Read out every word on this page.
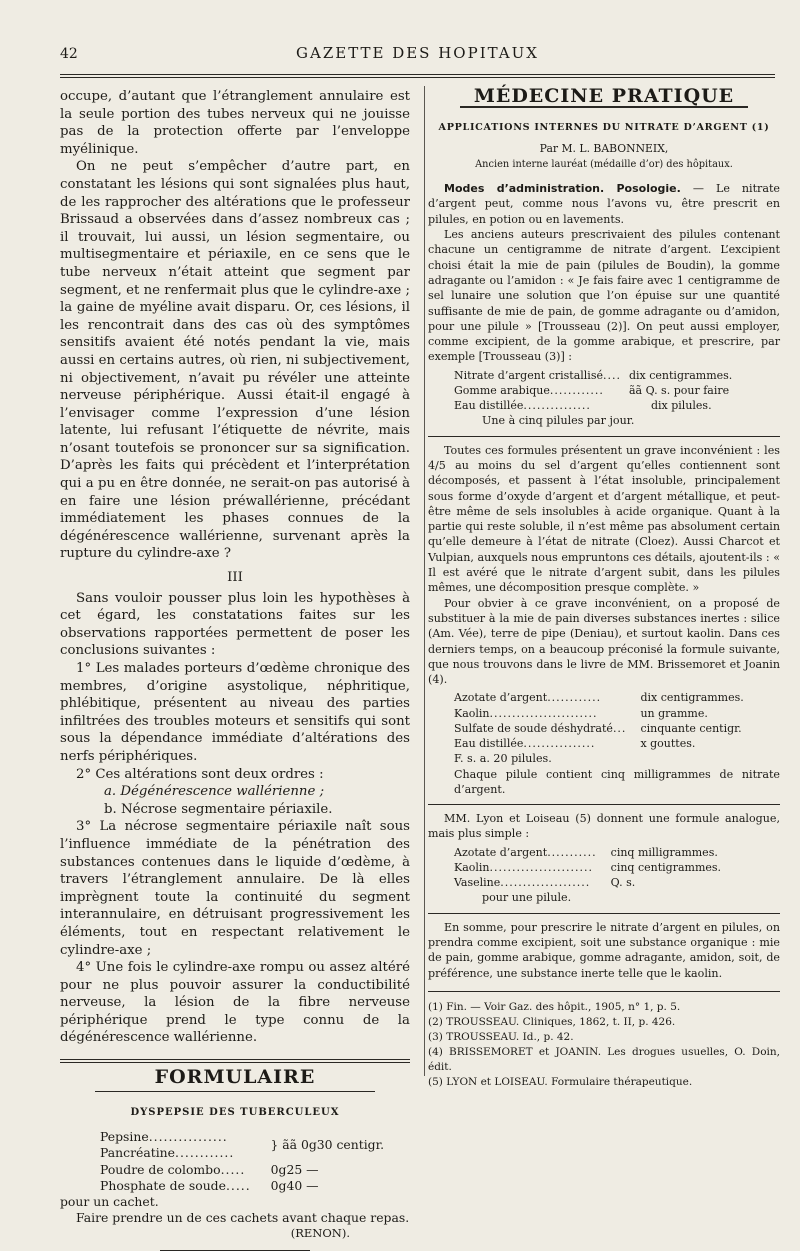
42	GAZETTE DES HOPITAUX

occupe, d’autant que l’étranglement annulaire est la seule portion des tubes nerveux qui ne jouisse pas de la protection offerte par l’enveloppe myélinique.

On ne peut s’empêcher d’autre part, en constatant les lésions qui sont signalées plus haut, de les rapprocher des altérations que le professeur Brissaud a observées dans d’assez nombreux cas ; il trouvait, lui aussi, un lésion segmentaire, ou multisegmentaire et périaxile, en ce sens que le tube nerveux n’était atteint que segment par segment, et ne renfermait plus que le cylindre-axe ; la gaine de myéline avait disparu. Or, ces lésions, il les rencontrait dans des cas où des symptômes sensitifs avaient été notés pendant la vie, mais aussi en certains autres, où rien, ni subjectivement, ni objectivement, n’avait pu révéler une atteinte nerveuse périphérique. Aussi était-il engagé à l’envisager comme l’expression d’une lésion latente, lui refusant l’étiquette de névrite, mais n’osant toutefois se prononcer sur sa signification. D’après les faits qui précèdent et l’interprétation qui a pu en être donnée, ne serait-on pas autorisé à en faire une lésion préwallérienne, précédant immédiatement les phases connues de la dégénérescence wallérienne, survenant après la rupture du cylindre-axe ?

III

Sans vouloir pousser plus loin les hypothèses à cet égard, les constatations faites sur les observations rapportées permettent de poser les conclusions suivantes :

1° Les malades porteurs d’œdème chronique des membres, d’origine asystolique, néphritique, phlébitique, présentent au niveau des parties infiltrées des troubles moteurs et sensitifs qui sont sous la dépendance immédiate d’altérations des nerfs périphériques.

2° Ces altérations sont deux ordres :

a. Dégénérescence wallérienne ;

b. Nécrose segmentaire périaxile.

3° La nécrose segmentaire périaxile naît sous l’influence immédiate de la pénétration des substances contenues dans le liquide d’œdème, à travers l’étranglement annulaire. De là elles imprègnent toute la continuité du segment interannulaire, en détruisant progressivement les éléments, tout en respectant relativement le cylindre-axe ;

4° Une fois le cylindre-axe rompu ou assez altéré pour ne plus pouvoir assurer la conductibilité nerveuse, la lésion de la fibre nerveuse périphérique prend le type connu de la dégénérescence wallérienne.

FORMULAIRE
DYSPEPSIE DES TUBERCULEUX
Pepsine................	} ãã 0g30 centigr.
Pancréatine............	
Poudre de colombo.....	0g25 —
Phosphate de soude.....	0g40 —

pour un cachet.

Faire prendre un de ces cachets avant chaque repas.

(RENON).

MÉDECINE PRATIQUE
APPLICATIONS INTERNES DU NITRATE D’ARGENT (1)
Par M. L. BABONNEIX,
Ancien interne lauréat (médaille d’or) des hôpitaux.

Modes d’administration. Posologie. — Le nitrate d’argent peut, comme nous l’avons vu, être prescrit en pilules, en potion ou en lavements.

Les anciens auteurs prescrivaient des pilules contenant chacune un centigramme de nitrate d’argent. L’excipient choisi était la mie de pain (pilules de Boudin), la gomme adragante ou l’amidon : « Je fais faire avec 1 centigramme de sel lunaire une solution que l’on épuise sur une quantité suffisante de mie de pain, de gomme adragante ou d’amidon, pour une pilule » [Trousseau (2)]. On peut aussi employer, comme excipient, de la gomme arabique, et prescrire, par exemple [Trousseau (3)] :

Nitrate d’argent cristallisé....	dix centigrammes.
Gomme arabique............	ãã Q. s. pour faire
Eau distillée...............	dix pilules.

Une à cinq pilules par jour.

Toutes ces formules présentent un grave inconvénient : les 4/5 au moins du sel d’argent qu’elles contiennent sont décomposés, et passent à l’état insoluble, principalement sous forme d’oxyde d’argent et d’argent métallique, et peut-être même de sels insolubles à acide organique. Quant à la partie qui reste soluble, il n’est même pas absolument certain qu’elle demeure à l’état de nitrate (Cloez). Aussi Charcot et Vulpian, auxquels nous empruntons ces détails, ajoutent-ils : « Il est avéré que le nitrate d’argent subit, dans les pilules mêmes, une décomposition presque complète. »

Pour obvier à ce grave inconvénient, on a proposé de substituer à la mie de pain diverses substances inertes : silice (Am. Vée), terre de pipe (Deniau), et surtout kaolin. Dans ces derniers temps, on a beaucoup préconisé la formule suivante, que nous trouvons dans le livre de MM. Brissemoret et Joanin (4).

Azotate d’argent............	dix centigrammes.
Kaolin........................	un gramme.
Sulfate de soude déshydraté...	cinquante centigr.
Eau distillée................	x gouttes.

F. s. a. 20 pilules.

Chaque pilule contient cinq milligrammes de nitrate d’argent.

MM. Lyon et Loiseau (5) donnent une formule analogue, mais plus simple :

Azotate d’argent...........	cinq milligrammes.
Kaolin.......................	cinq centigrammes.
Vaseline....................	Q. s.

pour une pilule.

En somme, pour prescrire le nitrate d’argent en pilules, on prendra comme excipient, soit une substance organique : mie de pain, gomme arabique, gomme adragante, amidon, soit, de préférence, une substance inerte telle que le kaolin.

(1) Fin. — Voir Gaz. des hôpit., 1905, n° 1, p. 5.

(2) TROUSSEAU. Cliniques, 1862, t. II, p. 426.

(3) TROUSSEAU. Id., p. 42.

(4) BRISSEMORET et JOANIN. Les drogues usuelles, O. Doin, édit.

(5) LYON et LOISEAU. Formulaire thérapeutique.
